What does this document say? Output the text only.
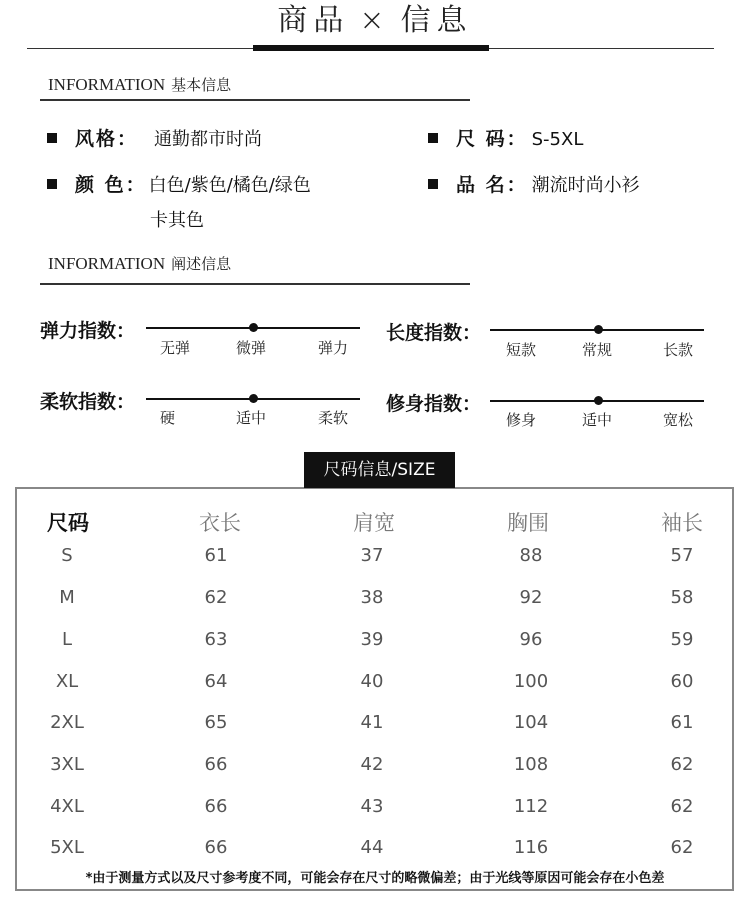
商品 × 信息
INFORMATION 基本信息
风格： 通勤都市时尚	尺 码： S-5XL
颜 色： 白色/紫色/橘色/绿色
卡其色
品 名： 潮流时尚小衫
INFORMATION 阐述信息
弹力指数：
无弹	微弹	弹力
长度指数：
短款	常规	长款
柔软指数：
硬	适中	柔软
修身指数：
修身	适中	宽松
尺码信息/SIZE
尺码	衣长	肩宽	胸围	袖长
S	61	37	88	57
M	62	38	92	58
L	63	39	96	59
XL	64	40	100	60
2XL	65	41	104	61
3XL	66	42	108	62
4XL	66	43	112	62
5XL	66	44	116	62
*由于测量方式以及尺寸参考度不同，可能会存在尺寸的略微偏差；由于光线等原因可能会存在小色差
